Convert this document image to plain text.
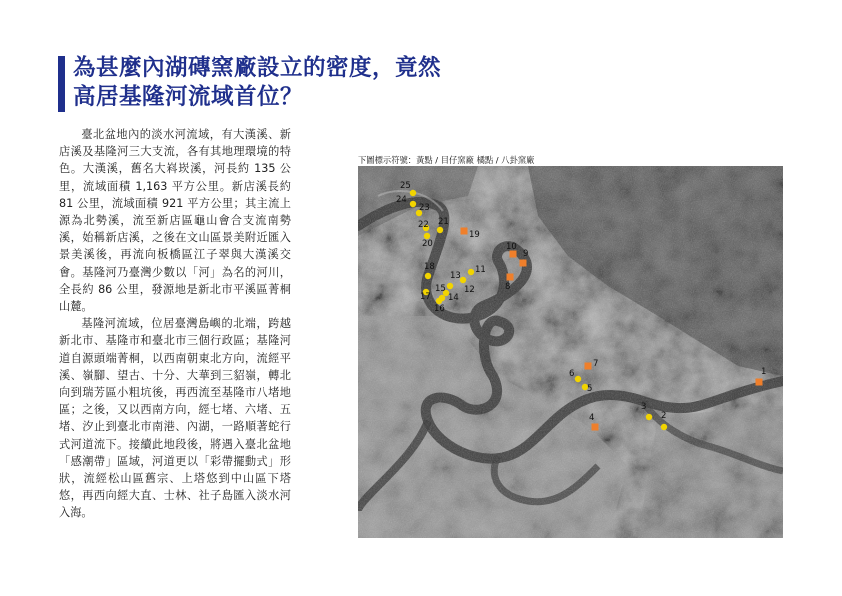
為甚麼內湖磚窯廠設立的密度，竟然
高居基隆河流域首位？

臺北盆地內的淡水河流域，有大漢溪、新店溪及基隆河三大支流，各有其地理環境的特色。大漢溪，舊名大嵙崁溪，河長約 135 公里，流域面積 1,163 平方公里。新店溪長約 81 公里，流域面積 921 平方公里；其主流上源為北勢溪，流至新店區龜山會合支流南勢溪，始稱新店溪，之後在文山區景美附近匯入景美溪後，再流向板橋區江子翠與大漢溪交會。基隆河乃臺灣少數以「河」為名的河川，全長約 86 公里，發源地是新北市平溪區菁桐山麓。

基隆河流域，位居臺灣島嶼的北端，跨越新北市、基隆市和臺北市三個行政區；基隆河道自源頭端菁桐，以西南朝東北方向，流經平溪、嶺腳、望古、十分、大華到三貂嶺，轉北向到瑞芳區小粗坑後，再西流至基隆市八堵地區；之後，又以西南方向，經七堵、六堵、五堵、汐止到臺北市南港、內湖，一路順著蛇行式河道流下。接續此地段後，將遇入臺北盆地「感潮帶」區域，河道更以「彩帶擺動式」形狀，流經松山區舊宗、上塔悠到中山區下塔悠，再西向經大直、士林、社子島匯入淡水河入海。

下圖標示符號：黃點 / 目仔窯廠 橘點 / 八卦窯廠
1
2
3
4
5
6
7
8
9
10
11
12
13
14
15
16
17
18
19
20
21
22
23
24
25
